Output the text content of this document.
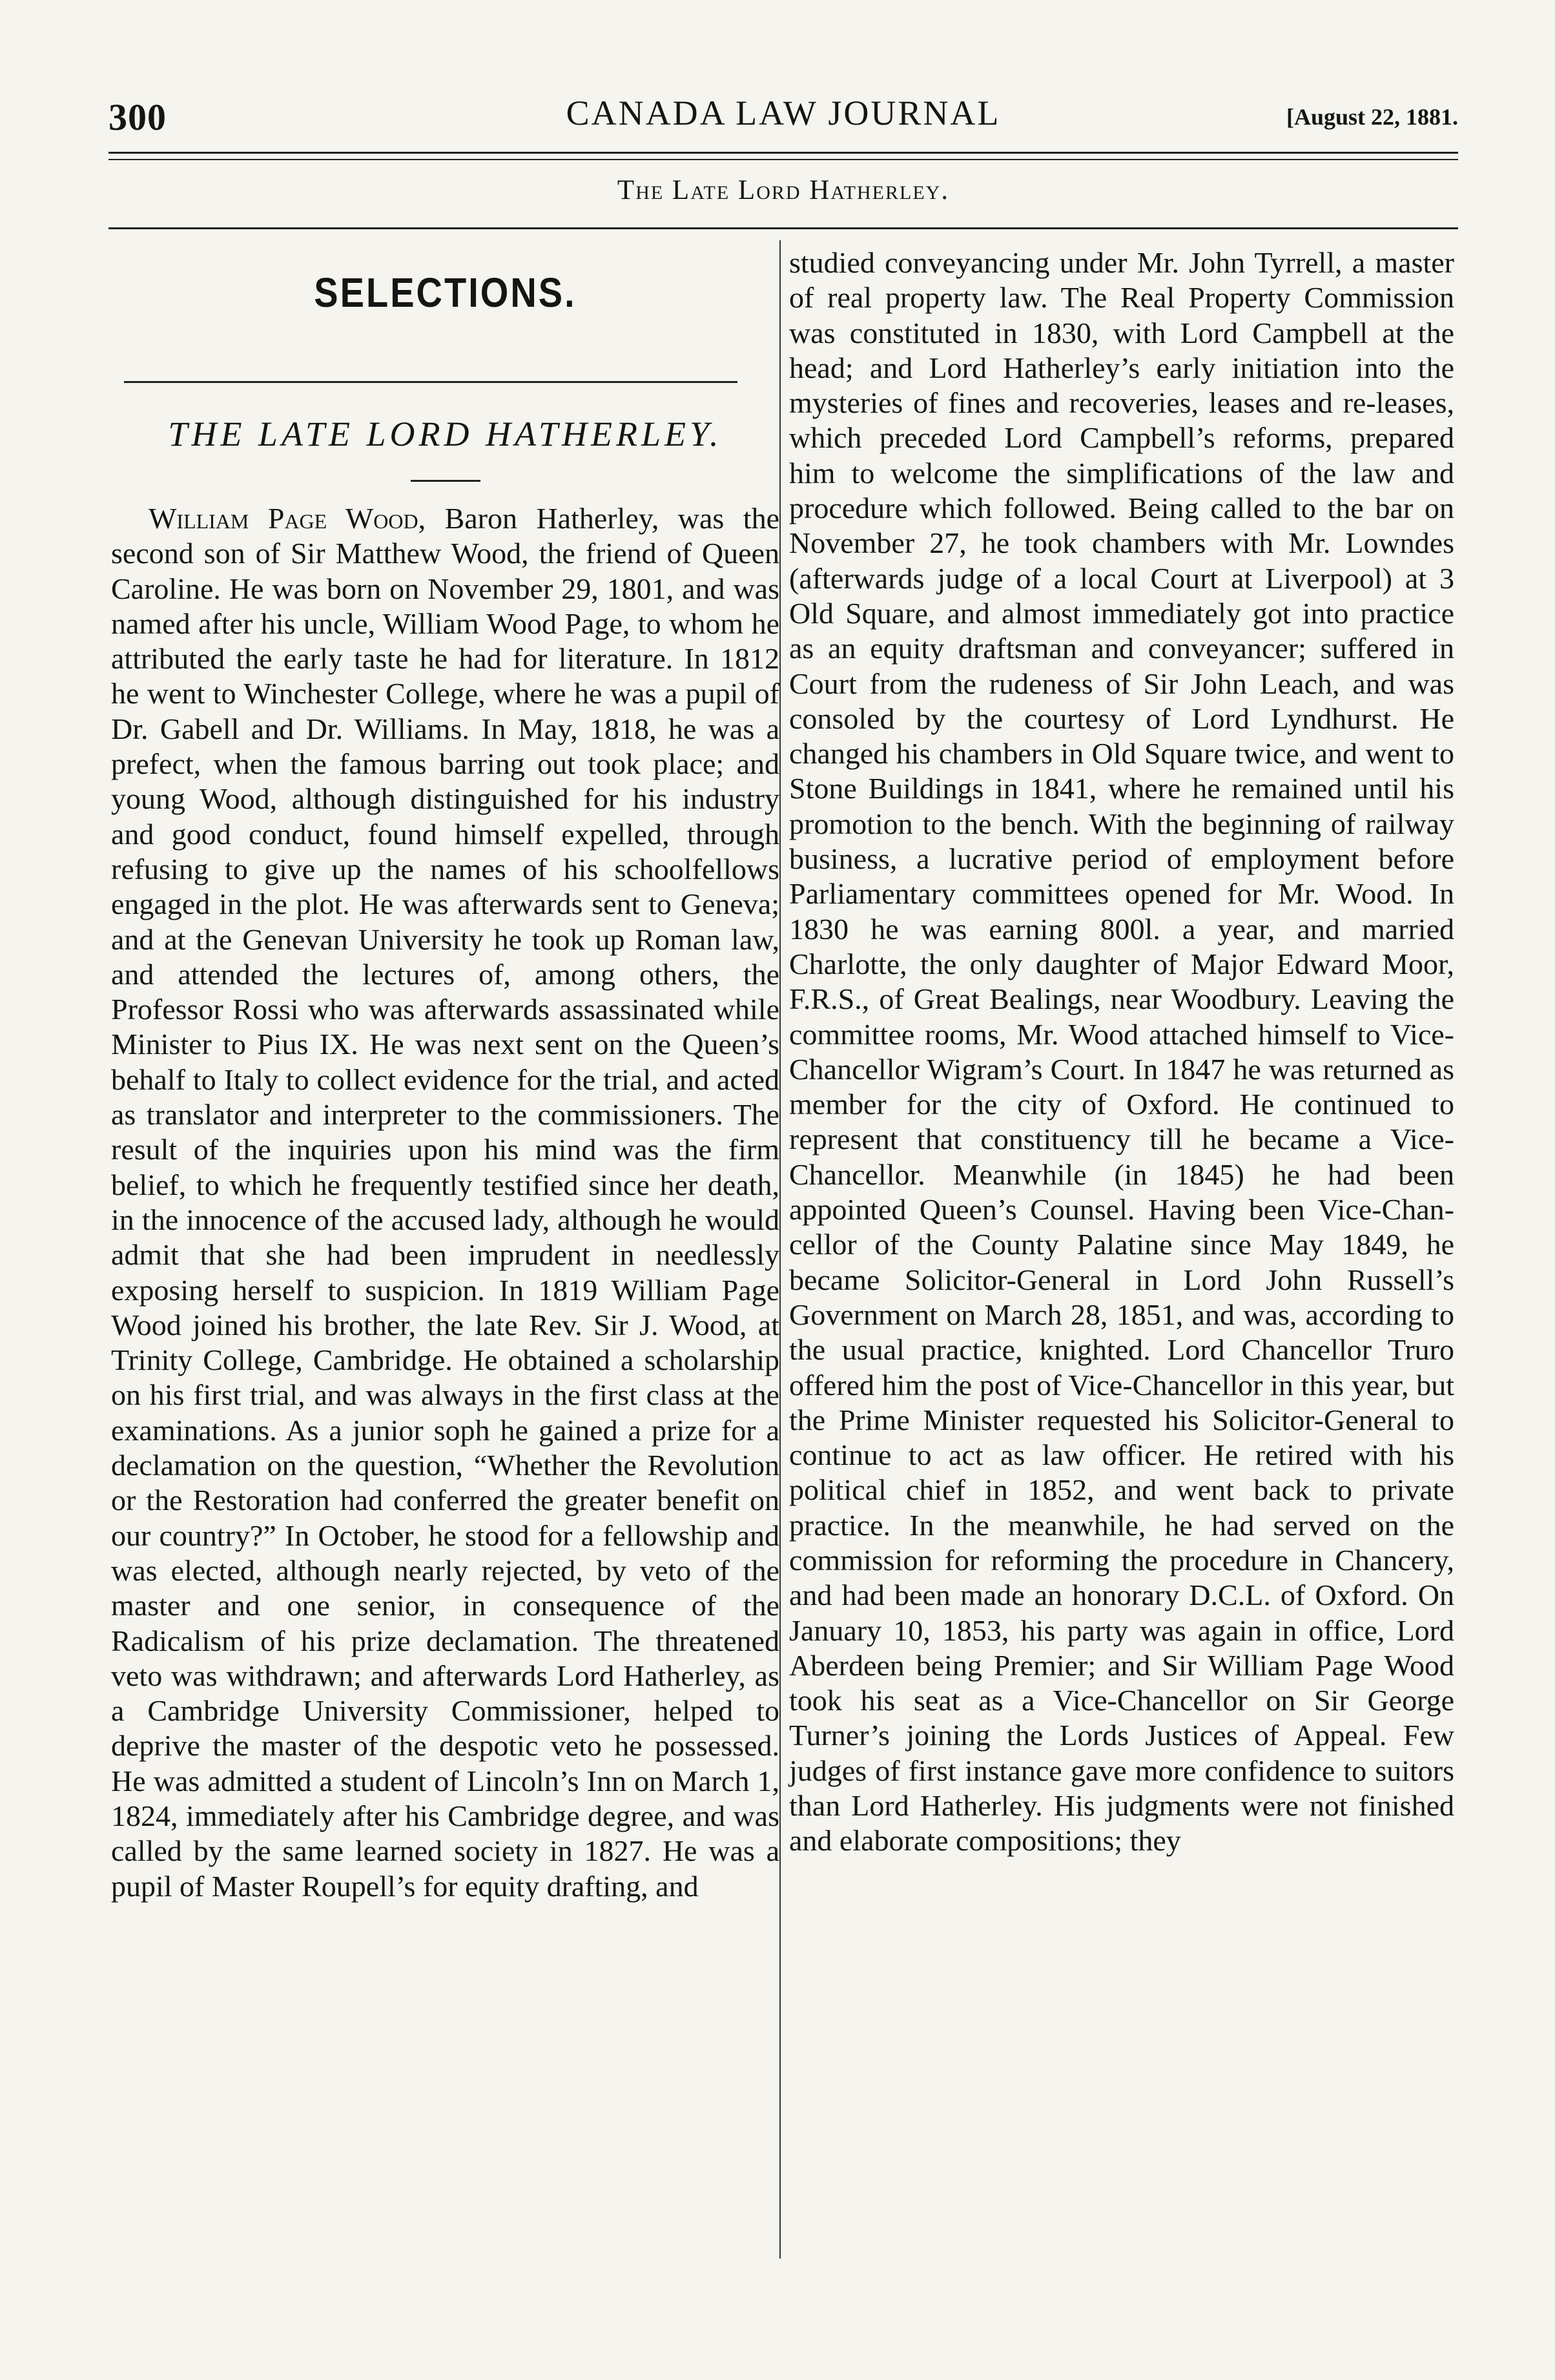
300	CANADA LAW JOURNAL	[August 22, 1881.
The Late Lord Hatherley.
SELECTIONS.
THE LATE LORD HATHERLEY.

William Page Wood, Baron Hatherley, was the second son of Sir Matthew Wood, the friend of Queen Caroline. He was born on November 29, 1801, and was named after his uncle, William Wood Page, to whom he attributed the early taste he had for literature. In 1812 he went to Winchester College, where he was a pupil of Dr. Gabell and Dr. Williams. In May, 1818, he was a prefect, when the famous barring out took place; and young Wood, although distinguished for his industry and good conduct, found himself expelled, through refusing to give up the names of his schoolfellows engaged in the plot. He was afterwards sent to Geneva; and at the Genevan University he took up Roman law, and attended the lectures of, among others, the Professor Rossi who was afterwards assassinated while Minister to Pius IX. He was next sent on the Queen’s behalf to Italy to collect evidence for the trial, and acted as translator and interpreter to the commissioners. The result of the inquiries upon his mind was the firm belief, to which he frequently testified since her death, in the innocence of the accused lady, although he would admit that she had been imprudent in needlessly exposing herself to suspicion. In 1819 William Page Wood joined his brother, the late Rev. Sir J. Wood, at Trinity College, Cambridge. He obtained a scholarship on his first trial, and was always in the first class at the examinations. As a junior soph he gained a prize for a declamation on the question, “Whether the Revolution or the Restoration had conferred the greater benefit on our country?” In October, he stood for a fellowship and was elected, although nearly rejected, by veto of the master and one senior, in consequence of the Radicalism of his prize declamation. The threatened veto was withdrawn; and afterwards Lord Hatherley, as a Cambridge University Commissioner, helped to deprive the master of the despotic veto he possessed. He was admitted a student of Lincoln’s Inn on March 1, 1824, immediately after his Cambridge degree, and was called by the same learned society in 1827. He was a pupil of Master Roupell’s for equity drafting, and

studied conveyancing under Mr. John Tyrrell, a master of real property law. The Real Property Commission was constituted in 1830, with Lord Campbell at the head; and Lord Hatherley’s early initiation into the mysteries of fines and recoveries, leases and re-leases, which preceded Lord Campbell’s reforms, prepared him to welcome the simplifications of the law and procedure which followed. Being called to the bar on November 27, he took chambers with Mr. Lowndes (afterwards judge of a local Court at Liverpool) at 3 Old Square, and almost immediately got into practice as an equity draftsman and conveyancer; suffered in Court from the rudeness of Sir John Leach, and was consoled by the courtesy of Lord Lyndhurst. He changed his chambers in Old Square twice, and went to Stone Buildings in 1841, where he remained until his promotion to the bench. With the beginning of railway business, a lucrative period of employment before Parliamentary committees opened for Mr. Wood. In 1830 he was earning 800l. a year, and married Charlotte, the only daughter of Major Edward Moor, F.R.S., of Great Bealings, near Woodbury. Leaving the committee rooms, Mr. Wood attached himself to Vice-Chancellor Wigram’s Court. In 1847 he was returned as member for the city of Oxford. He continued to represent that constituency till he became a Vice-Chancellor. Meanwhile (in 1845) he had been appointed Queen’s Counsel. Having been Vice-Chancellor of the County Palatine since May 1849, he became Solicitor-General in Lord John Russell’s Government on March 28, 1851, and was, according to the usual practice, knighted. Lord Chancellor Truro offered him the post of Vice-Chancellor in this year, but the Prime Minister requested his Solicitor-General to continue to act as law officer. He retired with his political chief in 1852, and went back to private practice. In the meanwhile, he had served on the commission for reforming the procedure in Chancery, and had been made an honorary D.C.L. of Oxford. On January 10, 1853, his party was again in office, Lord Aberdeen being Premier; and Sir William Page Wood took his seat as a Vice-Chancellor on Sir George Turner’s joining the Lords Justices of Appeal. Few judges of first instance gave more confidence to suitors than Lord Hatherley. His judgments were not finished and elaborate compositions; they
